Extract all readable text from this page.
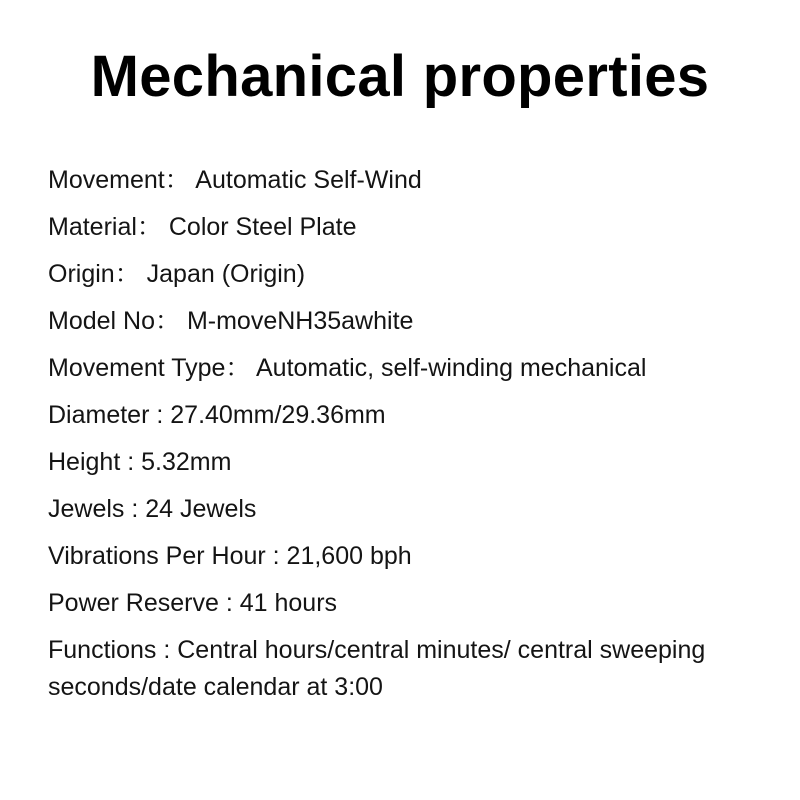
Mechanical properties
Movement： Automatic Self-Wind
Material： Color Steel Plate
Origin： Japan (Origin)
Model No： M-moveNH35awhite
Movement Type： Automatic, self-winding mechanical
Diameter : 27.40mm/29.36mm
Height : 5.32mm
Jewels : 24 Jewels
Vibrations Per Hour : 21,600 bph
Power Reserve : 41 hours
Functions : Central hours/central minutes/ central sweeping seconds/date calendar at 3:00
